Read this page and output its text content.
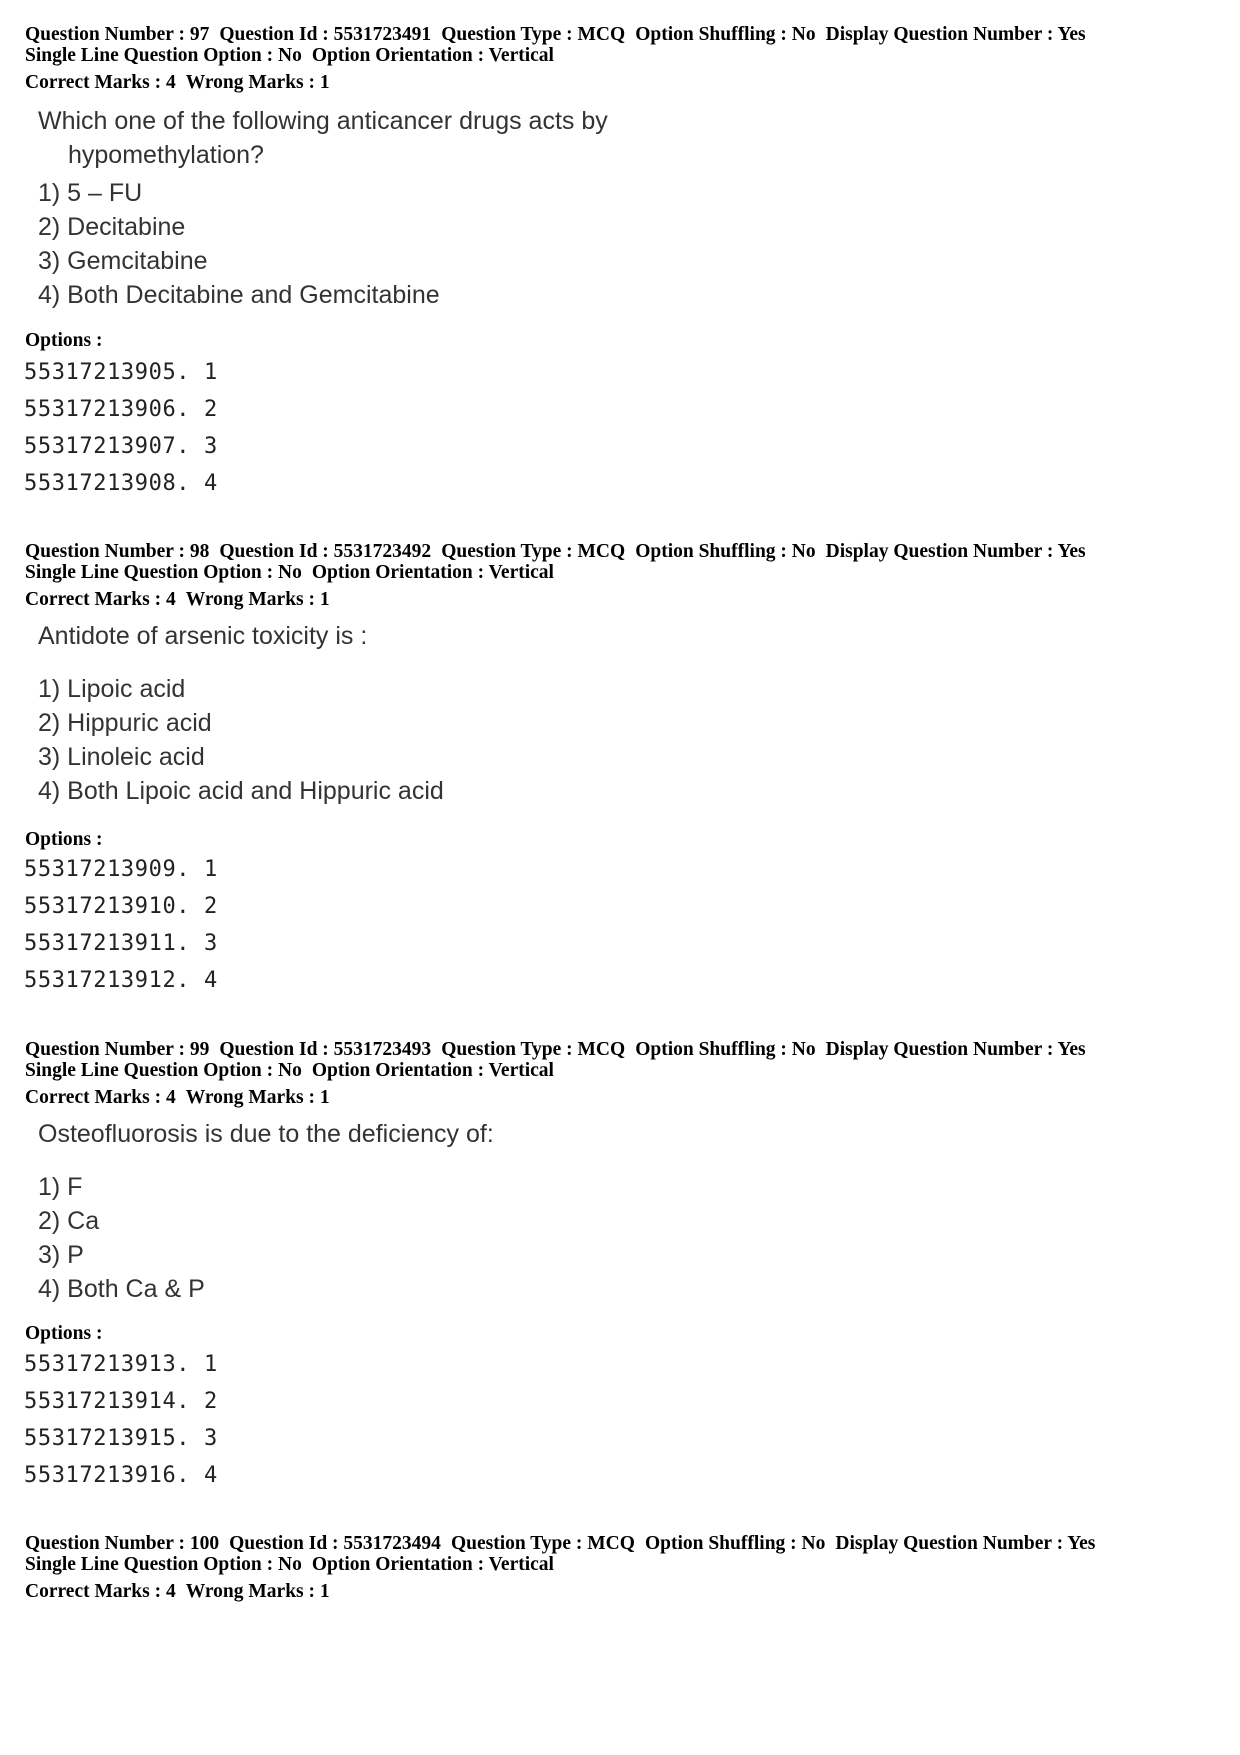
Question Number : 97 Question Id : 5531723491 Question Type : MCQ Option Shuffling : No Display Question Number : Yes
Single Line Question Option : No Option Orientation : Vertical
Correct Marks : 4 Wrong Marks : 1
Which one of the following anticancer drugs acts by
hypomethylation?
1) 5 – FU
2) Decitabine
3) Gemcitabine
4) Both Decitabine and Gemcitabine
Options :
55317213905. 1
55317213906. 2
55317213907. 3
55317213908. 4
Question Number : 98 Question Id : 5531723492 Question Type : MCQ Option Shuffling : No Display Question Number : Yes
Single Line Question Option : No Option Orientation : Vertical
Correct Marks : 4 Wrong Marks : 1
Antidote of arsenic toxicity is :
1) Lipoic acid
2) Hippuric acid
3) Linoleic acid
4) Both Lipoic acid and Hippuric acid
Options :
55317213909. 1
55317213910. 2
55317213911. 3
55317213912. 4
Question Number : 99 Question Id : 5531723493 Question Type : MCQ Option Shuffling : No Display Question Number : Yes
Single Line Question Option : No Option Orientation : Vertical
Correct Marks : 4 Wrong Marks : 1
Osteofluorosis is due to the deficiency of:
1) F
2) Ca
3) P
4) Both Ca & P
Options :
55317213913. 1
55317213914. 2
55317213915. 3
55317213916. 4
Question Number : 100 Question Id : 5531723494 Question Type : MCQ Option Shuffling : No Display Question Number : Yes
Single Line Question Option : No Option Orientation : Vertical
Correct Marks : 4 Wrong Marks : 1
